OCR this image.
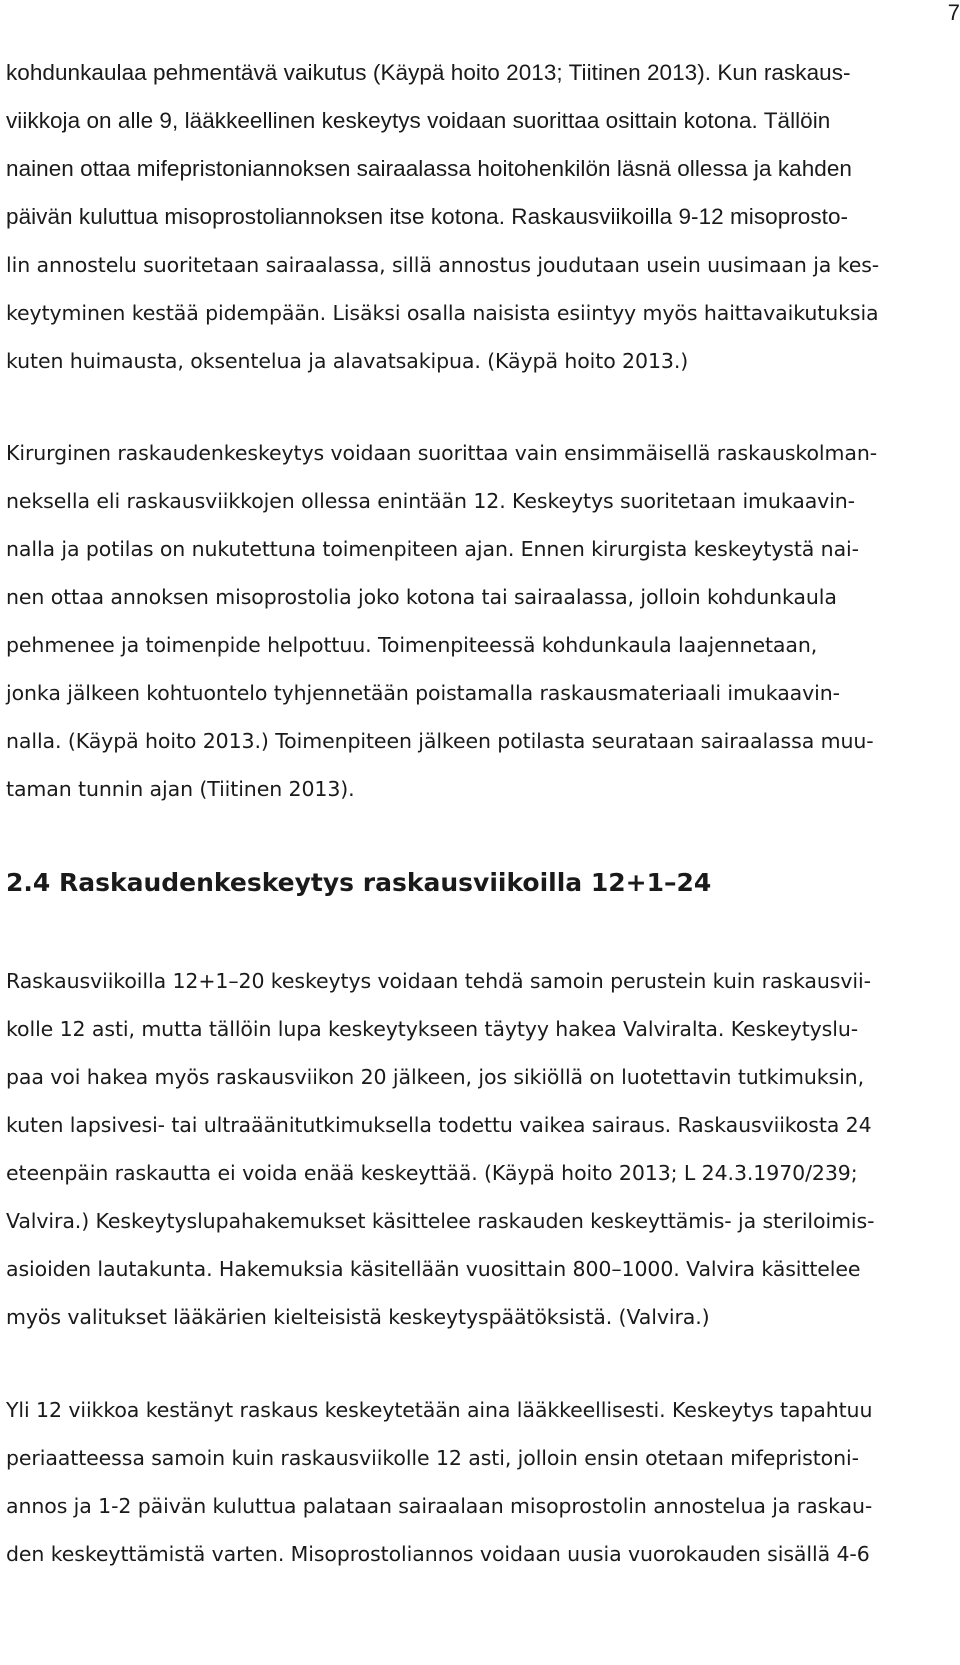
7
kohdunkaulaa pehmentävä vaikutus (Käypä hoito 2013; Tiitinen 2013). Kun raskaus-
viikkoja on alle 9, lääkkeellinen keskeytys voidaan suorittaa osittain kotona. Tällöin
nainen ottaa mifepristoniannoksen sairaalassa hoitohenkilön läsnä ollessa ja kahden
päivän kuluttua misoprostoliannoksen itse kotona. Raskausviikoilla 9-12 misoprosto-
lin annostelu suoritetaan sairaalassa, sillä annostus joudutaan usein uusimaan ja kes-
keytyminen kestää pidempään. Lisäksi osalla naisista esiintyy myös haittavaikutuksia
kuten huimausta, oksentelua ja alavatsakipua. (Käypä hoito 2013.)
Kirurginen raskaudenkeskeytys voidaan suorittaa vain ensimmäisellä raskauskolman-
neksella eli raskausviikkojen ollessa enintään 12. Keskeytys suoritetaan imukaavin-
nalla ja potilas on nukutettuna toimenpiteen ajan. Ennen kirurgista keskeytystä nai-
nen ottaa annoksen misoprostolia joko kotona tai sairaalassa, jolloin kohdunkaula
pehmenee ja toimenpide helpottuu. Toimenpiteessä kohdunkaula laajennetaan,
jonka jälkeen kohtuontelo tyhjennetään poistamalla raskausmateriaali imukaavin-
nalla. (Käypä hoito 2013.) Toimenpiteen jälkeen potilasta seurataan sairaalassa muu-
taman tunnin ajan (Tiitinen 2013).
2.4 Raskaudenkeskeytys raskausviikoilla 12+1–24
Raskausviikoilla 12+1–20 keskeytys voidaan tehdä samoin perustein kuin raskausvii-
kolle 12 asti, mutta tällöin lupa keskeytykseen täytyy hakea Valviralta. Keskeytyslu-
paa voi hakea myös raskausviikon 20 jälkeen, jos sikiöllä on luotettavin tutkimuksin,
kuten lapsivesi- tai ultraäänitutkimuksella todettu vaikea sairaus. Raskausviikosta 24
eteenpäin raskautta ei voida enää keskeyttää. (Käypä hoito 2013; L 24.3.1970/239;
Valvira.) Keskeytyslupahakemukset käsittelee raskauden keskeyttämis- ja steriloimis-
asioiden lautakunta. Hakemuksia käsitellään vuosittain 800–1000. Valvira käsittelee
myös valitukset lääkärien kielteisistä keskeytyspäätöksistä. (Valvira.)
Yli 12 viikkoa kestänyt raskaus keskeytetään aina lääkkeellisesti. Keskeytys tapahtuu
periaatteessa samoin kuin raskausviikolle 12 asti, jolloin ensin otetaan mifepristoni-
annos ja 1-2 päivän kuluttua palataan sairaalaan misoprostolin annostelua ja raskau-
den keskeyttämistä varten. Misoprostoliannos voidaan uusia vuorokauden sisällä 4-6
